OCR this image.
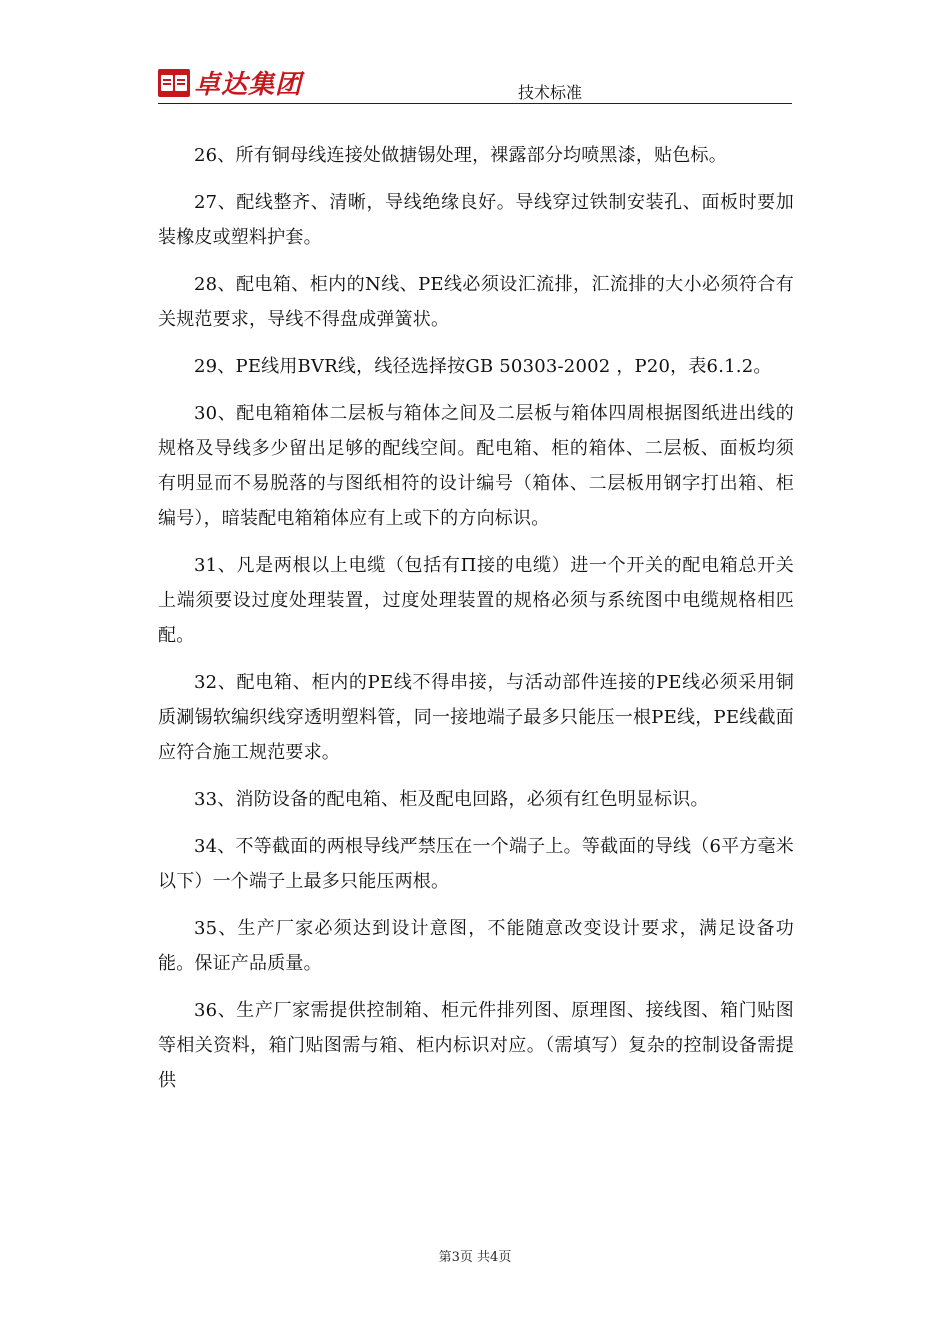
卓达集团	技术标准

26、所有铜母线连接处做搪锡处理，裸露部分均喷黑漆，贴色标。

27、配线整齐、清晰，导线绝缘良好。导线穿过铁制安装孔、面板时要加装橡皮或塑料护套。

28、配电箱、柜内的N线、PE线必须设汇流排，汇流排的大小必须符合有关规范要求，导线不得盘成弹簧状。

29、PE线用BVR线，线径选择按GB 50303-2002 ，P20，表6.1.2。

30、配电箱箱体二层板与箱体之间及二层板与箱体四周根据图纸进出线的规格及导线多少留出足够的配线空间。配电箱、柜的箱体、二层板、面板均须有明显而不易脱落的与图纸相符的设计编号（箱体、二层板用钢字打出箱、柜编号），暗装配电箱箱体应有上或下的方向标识。

31、凡是两根以上电缆（包括有Π接的电缆）进一个开关的配电箱总开关上端须要设过度处理装置，过度处理装置的规格必须与系统图中电缆规格相匹配。

32、配电箱、柜内的PE线不得串接，与活动部件连接的PE线必须采用铜质涮锡软编织线穿透明塑料管，同一接地端子最多只能压一根PE线，PE线截面应符合施工规范要求。

33、消防设备的配电箱、柜及配电回路，必须有红色明显标识。

34、不等截面的两根导线严禁压在一个端子上。等截面的导线（6平方毫米以下）一个端子上最多只能压两根。

35、生产厂家必须达到设计意图，不能随意改变设计要求，满足设备功能。保证产品质量。

36、生产厂家需提供控制箱、柜元件排列图、原理图、接线图、箱门贴图等相关资料，箱门贴图需与箱、柜内标识对应。（需填写）复杂的控制设备需提供

第3页 共4页
